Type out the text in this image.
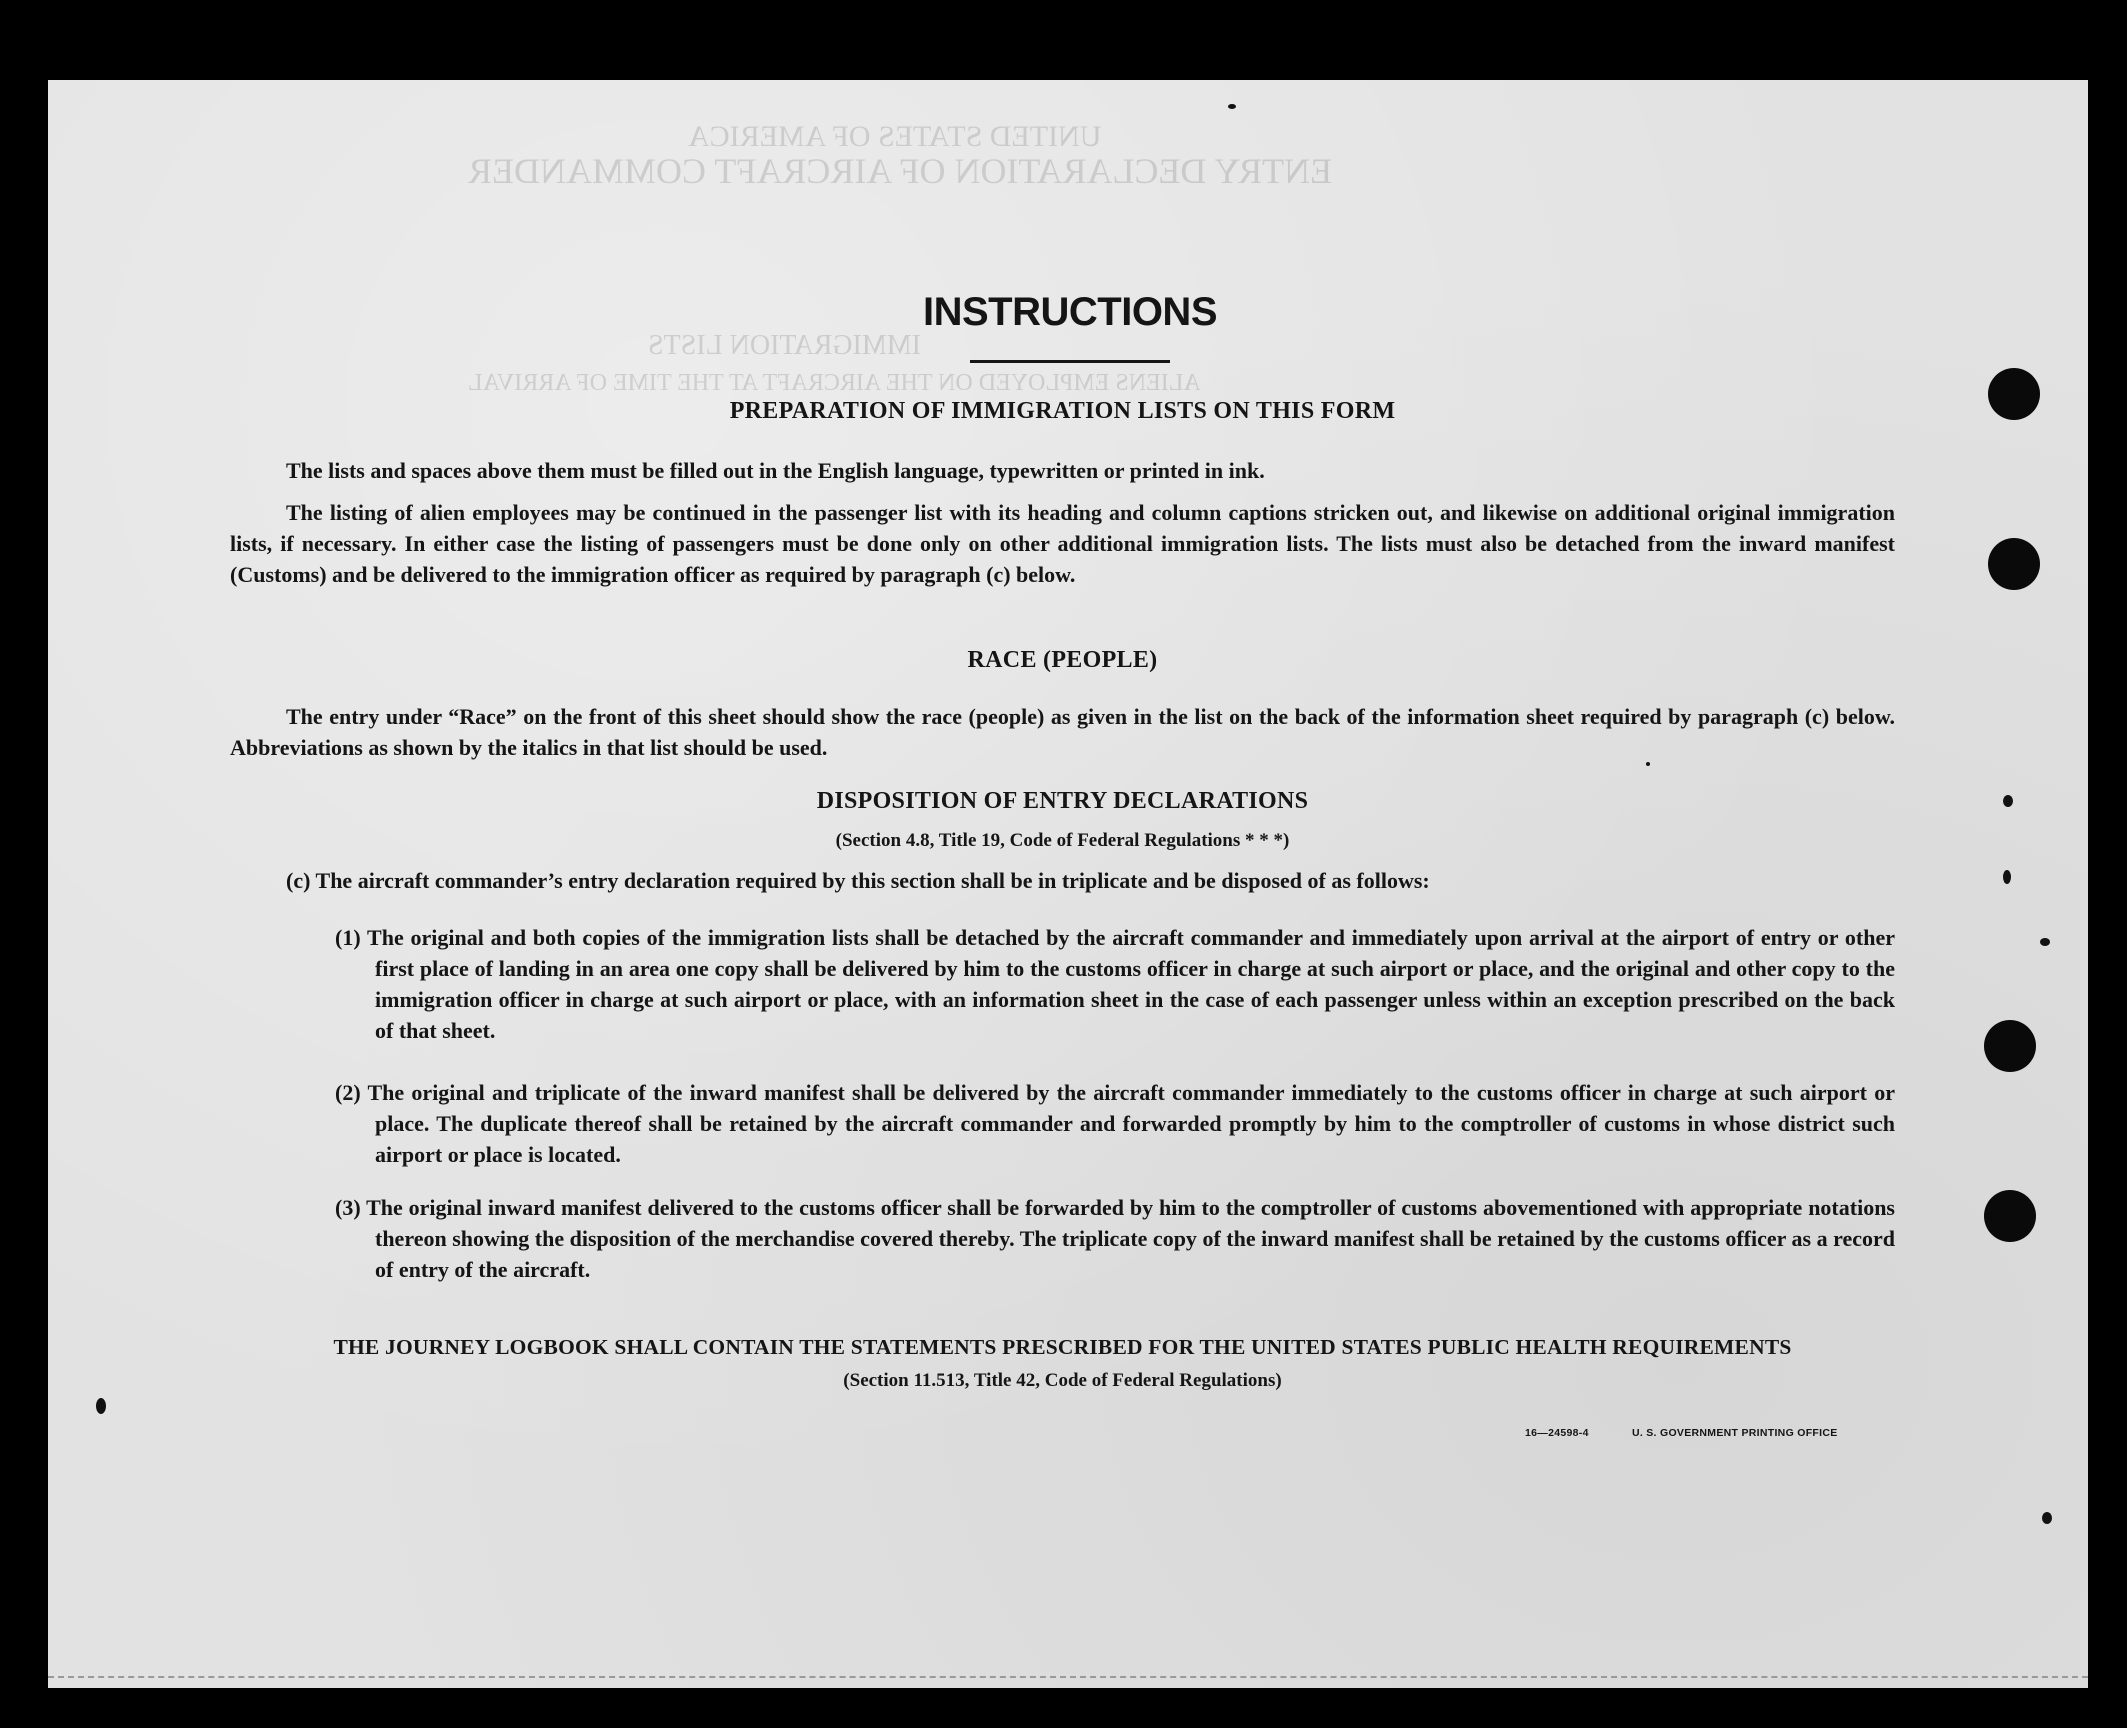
UNITED STATES OF AMERICA
ENTRY DECLARATION OF AIRCRAFT COMMANDER
IMMIGRATION LISTS
ALIENS EMPLOYED ON THE AIRCRAFT AT THE TIME OF ARRIVAL
INSTRUCTIONS
PREPARATION OF IMMIGRATION LISTS ON THIS FORM
The lists and spaces above them must be filled out in the English language, typewritten or printed in ink.
The listing of alien employees may be continued in the passenger list with its heading and column captions stricken out, and likewise on additional original immigration lists, if necessary. In either case the listing of passengers must be done only on other additional immigration lists. The lists must also be detached from the inward manifest (Customs) and be delivered to the immigration officer as required by paragraph (c) below.
RACE (PEOPLE)
The entry under “Race” on the front of this sheet should show the race (people) as given in the list on the back of the information sheet required by paragraph (c) below. Abbreviations as shown by the italics in that list should be used.
DISPOSITION OF ENTRY DECLARATIONS
(Section 4.8, Title 19, Code of Federal Regulations * * *)
(c) The aircraft commander’s entry declaration required by this section shall be in triplicate and be disposed of as follows:
(1) The original and both copies of the immigration lists shall be detached by the aircraft commander and immediately upon arrival at the airport of entry or other first place of landing in an area one copy shall be delivered by him to the customs officer in charge at such airport or place, and the original and other copy to the immigration officer in charge at such airport or place, with an information sheet in the case of each passenger unless within an exception prescribed on the back of that sheet.
(2) The original and triplicate of the inward manifest shall be delivered by the aircraft commander immediately to the customs officer in charge at such airport or place. The duplicate thereof shall be retained by the aircraft commander and forwarded promptly by him to the comptroller of customs in whose district such airport or place is located.
(3) The original inward manifest delivered to the customs officer shall be forwarded by him to the comptroller of customs abovementioned with appropriate notations thereon showing the disposition of the merchandise covered thereby. The triplicate copy of the inward manifest shall be retained by the customs officer as a record of entry of the aircraft.
THE JOURNEY LOGBOOK SHALL CONTAIN THE STATEMENTS PRESCRIBED FOR THE UNITED STATES PUBLIC HEALTH REQUIREMENTS
(Section 11.513, Title 42, Code of Federal Regulations)
16—24598-4	U. S. GOVERNMENT PRINTING OFFICE
